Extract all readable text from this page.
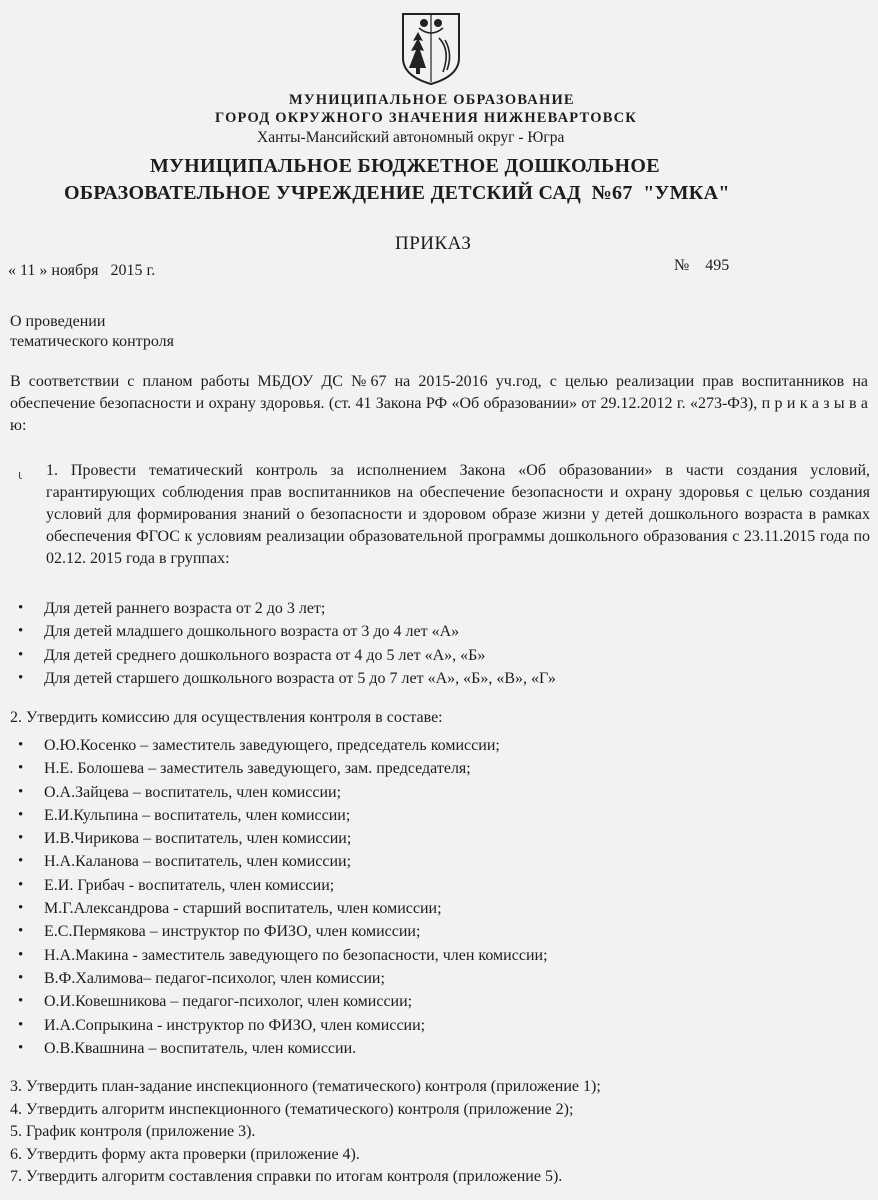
МУНИЦИПАЛЬНОЕ ОБРАЗОВАНИЕ
ГОРОД ОКРУЖНОГО ЗНАЧЕНИЯ НИЖНЕВАРТОВСК
Ханты-Мансийский автономный округ - Югра
МУНИЦИПАЛЬНОЕ БЮДЖЕТНОЕ ДОШКОЛЬНОЕ
ОБРАЗОВАТЕЛЬНОЕ УЧРЕЖДЕНИЕ ДЕТСКИЙ САД  №67  "УМКА"
ПРИКАЗ
« 11 » ноября   2015 г.	№    495
О проведении
тематического контроля
В соответствии с планом работы МБДОУ ДС №67 на 2015-2016 уч.год, с целью реализации прав воспитанников на обеспечение безопасности и охрану здоровья. (ст. 41 Закона РФ «Об образовании» от 29.12.2012 г. «273-ФЗ), п р и к а з ы в а ю:
ι 1. Провести тематический контроль за исполнением Закона «Об образовании» в части создания условий, гарантирующих соблюдения прав воспитанников на обеспечение безопасности и охрану здоровья с целью создания условий для формирования знаний о безопасности и здоровом образе жизни у детей дошкольного возраста в рамках обеспечения ФГОС к условиям реализации образовательной программы дошкольного образования с 23.11.2015 года по 02.12. 2015 года в группах:
• Для детей раннего возраста от 2 до 3 лет;
• Для детей младшего дошкольного возраста от 3 до 4 лет «А»
• Для детей среднего дошкольного возраста от 4 до 5 лет «А», «Б»
• Для детей старшего дошкольного возраста от 5 до 7 лет «А», «Б», «В», «Г»
2. Утвердить комиссию для осуществления контроля в составе:
• О.Ю.Косенко – заместитель заведующего, председатель комиссии;
• Н.Е. Болошева – заместитель заведующего, зам. председателя;
• О.А.Зайцева – воспитатель, член комиссии;
• Е.И.Кульпина – воспитатель, член комиссии;
• И.В.Чирикова – воспитатель, член комиссии;
• Н.А.Каланова – воспитатель, член комиссии;
• Е.И. Грибач - воспитатель, член комиссии;
• М.Г.Александрова - старший воспитатель, член комиссии;
• Е.С.Пермякова – инструктор по ФИЗО, член комиссии;
• Н.А.Макина - заместитель заведующего по безопасности, член комиссии;
• В.Ф.Халимова– педагог-психолог, член комиссии;
• О.И.Ковешникова – педагог-психолог, член комиссии;
• И.А.Сопрыкина - инструктор по ФИЗО, член комиссии;
• О.В.Квашнина – воспитатель, член комиссии.
3. Утвердить план-задание инспекционного (тематического) контроля (приложение 1);
4. Утвердить алгоритм инспекционного (тематического) контроля (приложение 2);
5. График контроля (приложение 3).
6. Утвердить форму акта проверки (приложение 4).
7. Утвердить алгоритм составления справки по итогам контроля (приложение 5).
